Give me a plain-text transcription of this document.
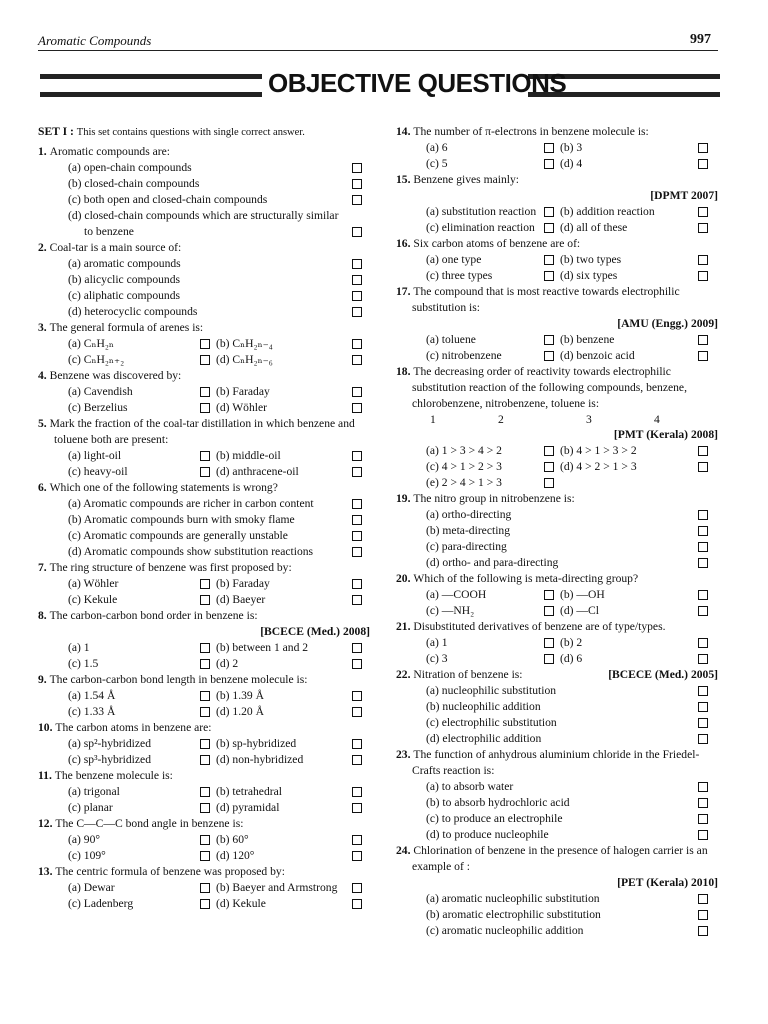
Aromatic Compounds	997
OBJECTIVE QUESTIONS
SET I : This set contains questions with single correct answer.
1. Aromatic compounds are:
(a) open-chain compounds
(b) closed-chain compounds
(c) both open and closed-chain compounds
(d) closed-chain compounds which are structurally similar
to benzene
2. Coal-tar is a main source of:
(a) aromatic compounds
(b) alicyclic compounds
(c) aliphatic compounds
(d) heterocyclic compounds
3. The general formula of arenes is:
(a) CₙH₂ₙ	(b) CₙH₂ₙ₋₄
(c) CₙH₂ₙ₊₂	(d) CₙH₂ₙ₋₆
4. Benzene was discovered by:
(a) Cavendish	(b) Faraday
(c) Berzelius	(d) Wöhler
5. Mark the fraction of the coal-tar distillation in which benzene and toluene both are present:
(a) light-oil	(b) middle-oil
(c) heavy-oil	(d) anthracene-oil
6. Which one of the following statements is wrong?
(a) Aromatic compounds are richer in carbon content
(b) Aromatic compounds burn with smoky flame
(c) Aromatic compounds are generally unstable
(d) Aromatic compounds show substitution reactions
7. The ring structure of benzene was first proposed by:
(a) Wöhler	(b) Faraday
(c) Kekule	(d) Baeyer
8. The carbon-carbon bond order in benzene is:
[BCECE (Med.) 2008]
(a) 1	(b) between 1 and 2
(c) 1.5	(d) 2
9. The carbon-carbon bond length in benzene molecule is:
(a) 1.54 Å	(b) 1.39 Å
(c) 1.33 Å	(d) 1.20 Å
10. The carbon atoms in benzene are:
(a) sp²-hybridized	(b) sp-hybridized
(c) sp³-hybridized	(d) non-hybridized
11. The benzene molecule is:
(a) trigonal	(b) tetrahedral
(c) planar	(d) pyramidal
12. The C—C—C bond angle in benzene is:
(a) 90°	(b) 60°
(c) 109°	(d) 120°
13. The centric formula of benzene was proposed by:
(a) Dewar	(b) Baeyer and Armstrong
(c) Ladenberg	(d) Kekule
14. The number of π-electrons in benzene molecule is:
(a) 6	(b) 3
(c) 5	(d) 4
15. Benzene gives mainly:
[DPMT 2007]
(a) substitution reaction (b) addition reaction
(c) elimination reaction (d) all of these
16. Six carbon atoms of benzene are of:
(a) one type	(b) two types
(c) three types	(d) six types
17. The compound that is most reactive towards electrophilic substitution is:
[AMU (Engg.) 2009]
(a) toluene	(b) benzene
(c) nitrobenzene	(d) benzoic acid
18. The decreasing order of reactivity towards electrophilic substitution reaction of the following compounds, benzene, chlorobenzene, nitrobenzene, toluene is:
1	2	3	4
[PMT (Kerala) 2008]
(a) 1 > 3 > 4 > 2	(b) 4 > 1 > 3 > 2
(c) 4 > 1 > 2 > 3	(d) 4 > 2 > 1 > 3
(e) 2 > 4 > 1 > 3
19. The nitro group in nitrobenzene is:
(a) ortho-directing
(b) meta-directing
(c) para-directing
(d) ortho- and para-directing
20. Which of the following is meta-directing group?
(a) —COOH	(b) —OH
(c) —NH₂	(d) —Cl
21. Disubstituted derivatives of benzene are of type/types.
(a) 1	(b) 2
(c) 3	(d) 6
[BCECE (Med.) 2005]
22. Nitration of benzene is:
(a) nucleophilic substitution
(b) nucleophilic addition
(c) electrophilic substitution
(d) electrophilic addition
23. The function of anhydrous aluminium chloride in the Friedel-Crafts reaction is:
(a) to absorb water
(b) to absorb hydrochloric acid
(c) to produce an electrophile
(d) to produce nucleophile
24. Chlorination of benzene in the presence of halogen carrier is an example of :
[PET (Kerala) 2010]
(a) aromatic nucleophilic substitution
(b) aromatic electrophilic substitution
(c) aromatic nucleophilic addition
